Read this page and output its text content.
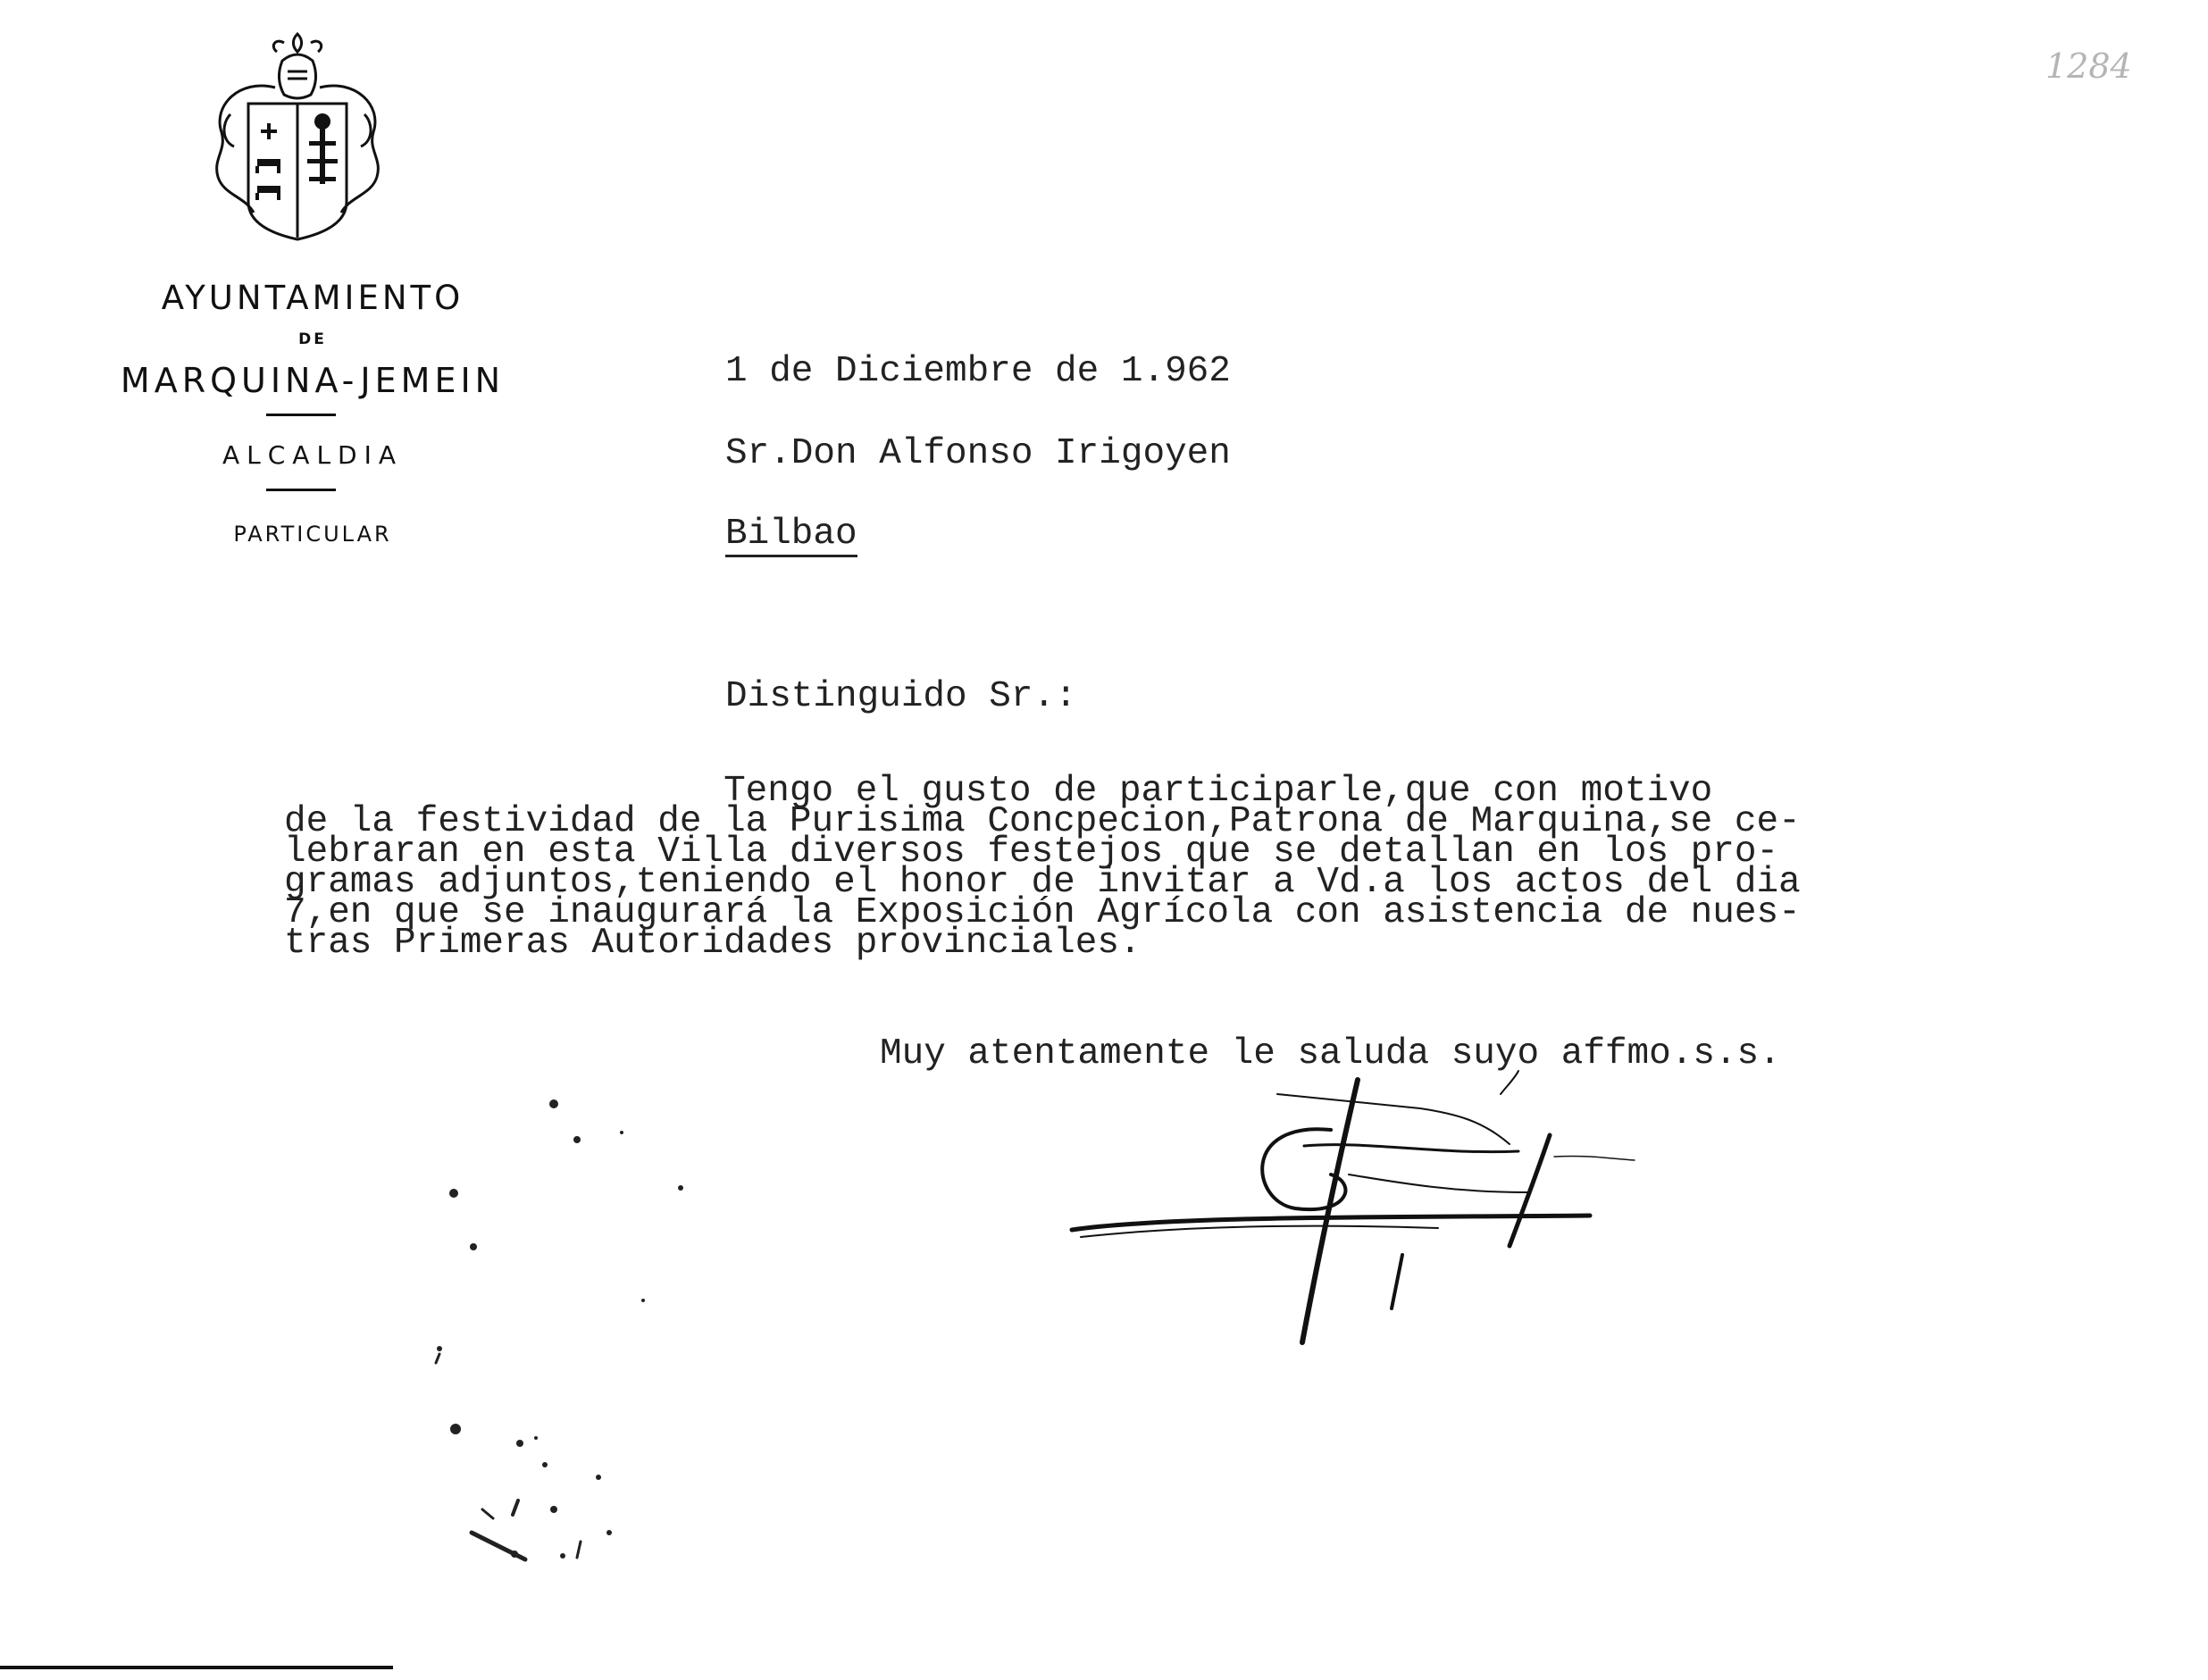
AYUNTAMIENTO
DE
MARQUINA-JEMEIN
ALCALDIA
PARTICULAR
1284
1 de Diciembre de 1.962
Sr.Don Alfonso Irigoyen
Bilbao
Distinguido Sr.:
Tengo el gusto de participarle,que con motivo
de la festividad de la Purisima Concpecion,Patrona de Marquina,se ce-
lebraran en esta Villa diversos festejos que se detallan en los pro-
gramas adjuntos,teniendo el honor de invitar a Vd.a los actos del dia
7,en que se inaugurará la Exposición Agrícola con asistencia de nues-
tras Primeras Autoridades provinciales.
Muy atentamente le saluda suyo affmo.s.s.
